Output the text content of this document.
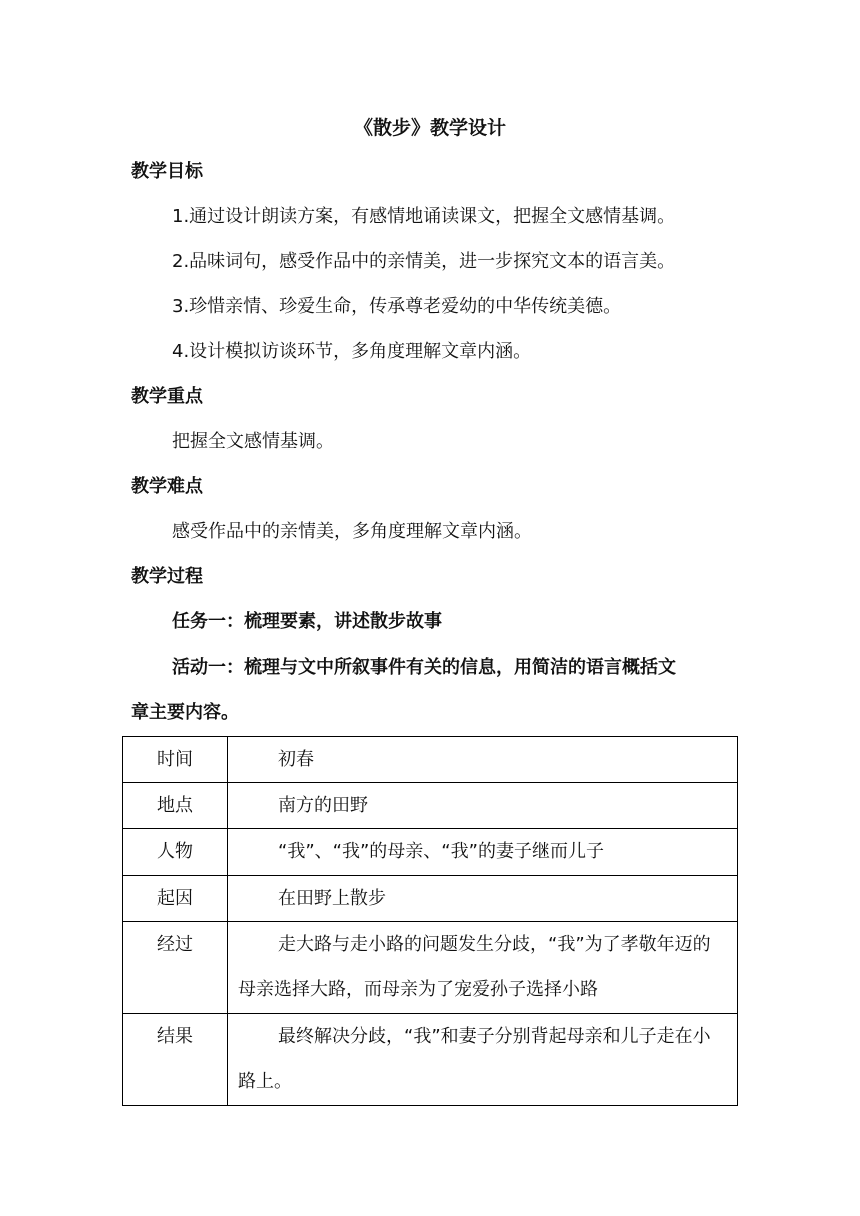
《散步》教学设计
教学目标
1.通过设计朗读方案，有感情地诵读课文，把握全文感情基调。
2.品味词句，感受作品中的亲情美，进一步探究文本的语言美。
3.珍惜亲情、珍爱生命，传承尊老爱幼的中华传统美德。
4.设计模拟访谈环节，多角度理解文章内涵。
教学重点
把握全文感情基调。
教学难点
感受作品中的亲情美，多角度理解文章内涵。
教学过程
任务一：梳理要素，讲述散步故事
活动一：梳理与文中所叙事件有关的信息，用简洁的语言概括文
章主要内容。
时间	初春
地点	南方的田野
人物	“我”、“我”的母亲、“我”的妻子继而儿子
起因	在田野上散步
经过	走大路与走小路的问题发生分歧，“我”为了孝敬年迈的母亲选择大路，而母亲为了宠爱孙子选择小路
结果	最终解决分歧，“我”和妻子分别背起母亲和儿子走在小路上。
